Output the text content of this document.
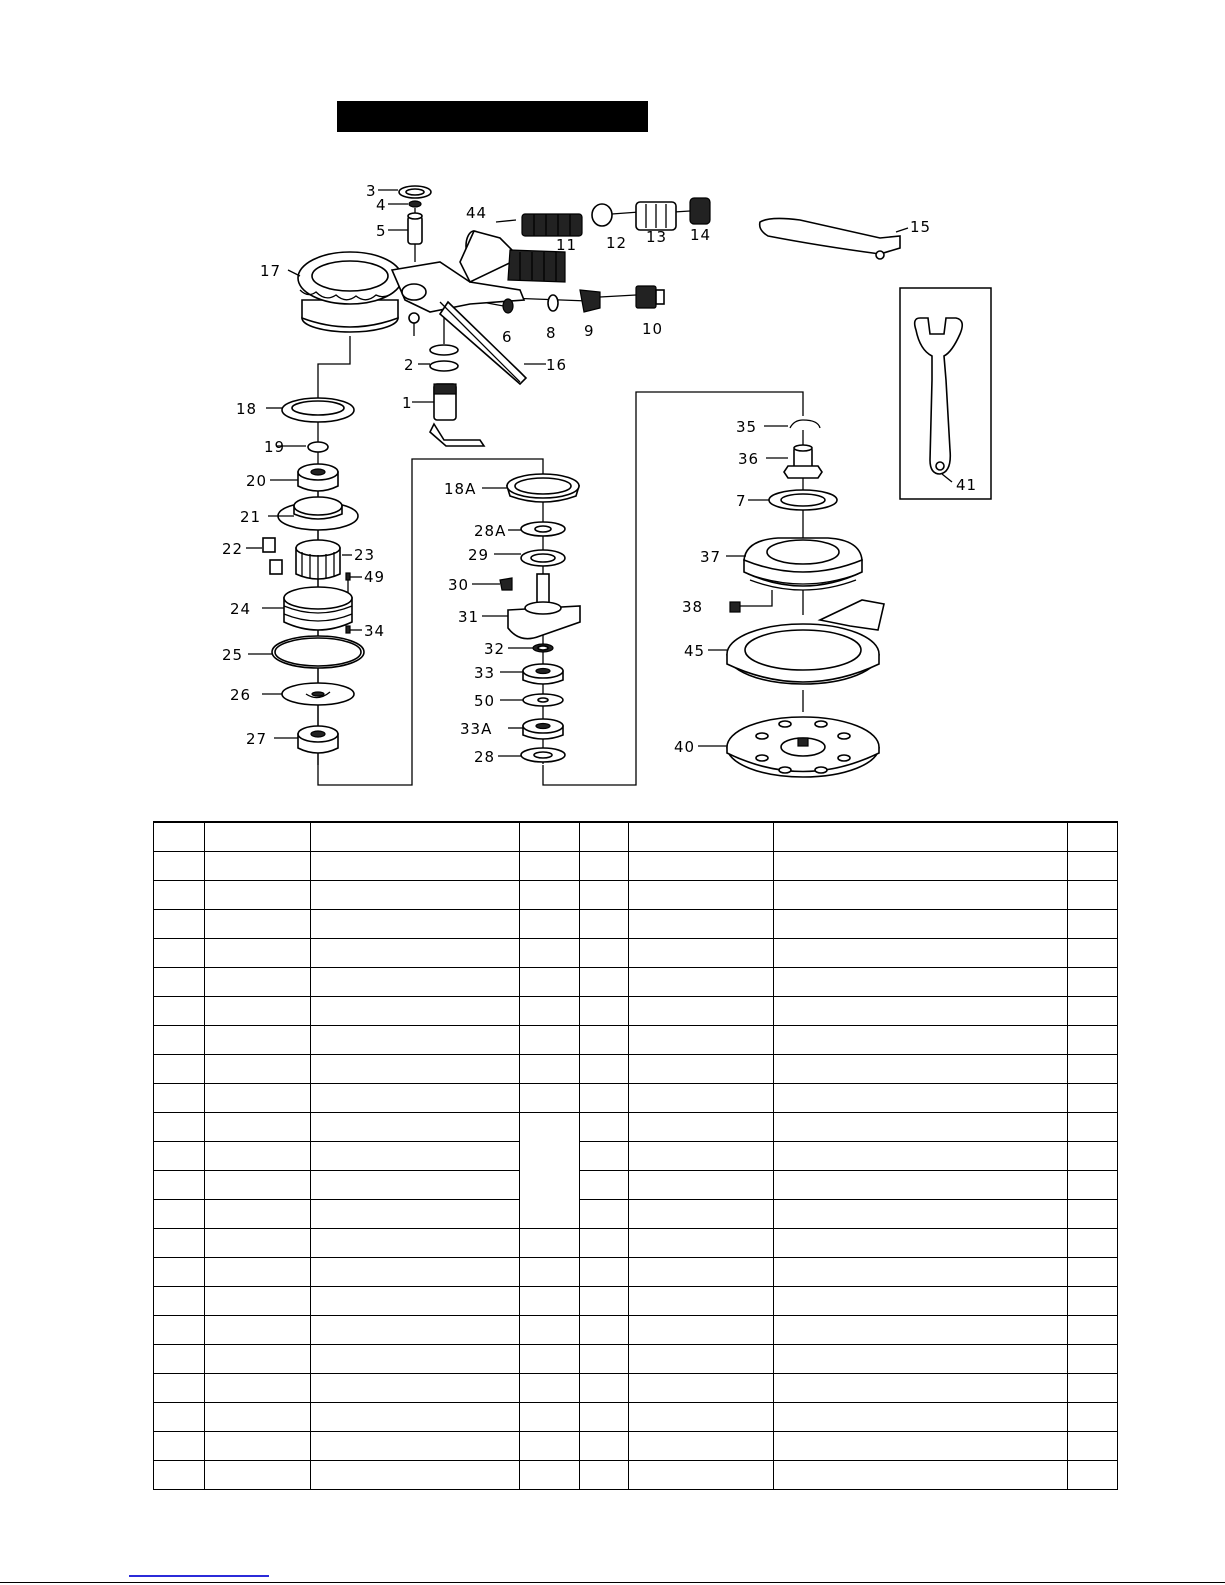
3
4
5
17
44
11 12 13 14	15
6 8 9	10
16
2
1
18
19
20
21
22	23
49
24
34
25
26
27
18A
28A
29
30
31
32
33
50
33A
28
35
36
7
37
38
45
40
41
